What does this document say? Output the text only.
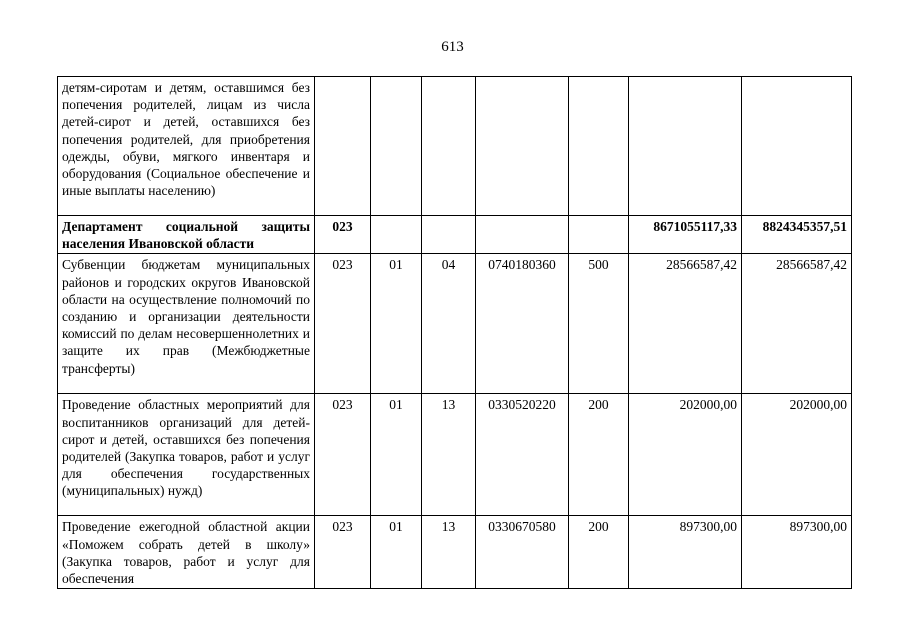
613
детям-сиротам и детям, оставшимся без попечения родителей, лицам из числа детей-сирот и детей, оставшихся без попечения родителей, для приобретения одежды, обуви, мягкого инвентаря и оборудования (Социальное обеспечение и иные выплаты населению)							
Департамент социальной защиты населения Ивановской области	023					8671055117,33	8824345357,51
Субвенции бюджетам муниципальных районов и городских округов Ивановской области на осуществление полномочий по созданию и организации деятельности комиссий по делам несовершеннолетних и защите их прав (Межбюджетные трансферты)	023	01	04	0740180360	500	28566587,42	28566587,42
Проведение областных мероприятий для воспитанников организаций для детей-сирот и детей, оставшихся без попечения родителей (Закупка товаров, работ и услуг для обеспечения государственных (муниципальных) нужд)	023	01	13	0330520220	200	202000,00	202000,00
Проведение ежегодной областной акции «Поможем собрать детей в школу» (Закупка товаров, работ и услуг для обеспечения	023	01	13	0330670580	200	897300,00	897300,00
